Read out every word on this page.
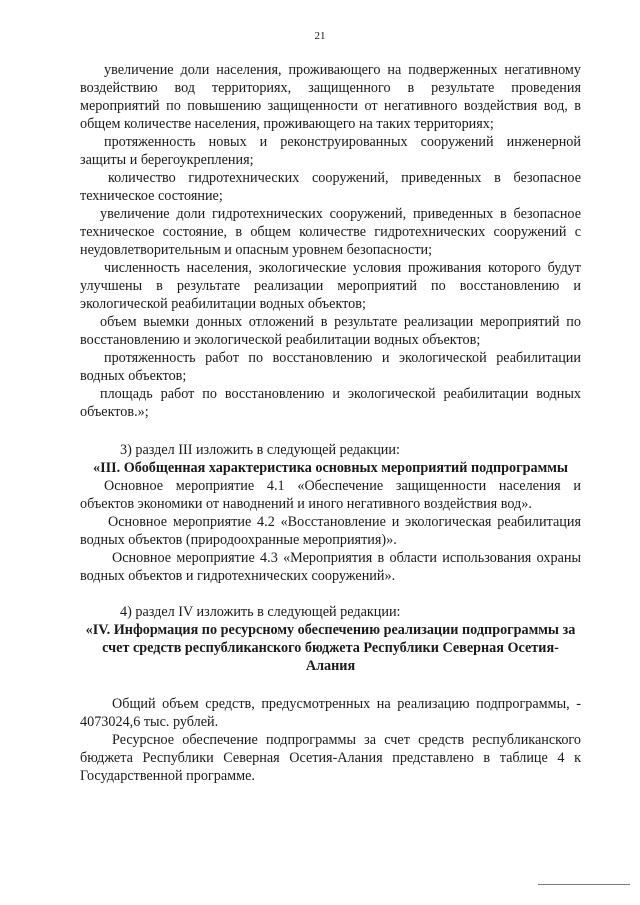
21

увеличение доли населения, проживающего на подверженных негативному воздействию вод территориях, защищенного в результате проведения мероприятий по повышению защищенности от негативного воздействия вод, в общем количестве населения, проживающего на таких территориях;

протяженность новых и реконструированных сооружений инженерной защиты и берегоукрепления;

количество гидротехнических сооружений, приведенных в безопасное техническое состояние;

увеличение доли гидротехнических сооружений, приведенных в безопасное техническое состояние, в общем количестве гидротехнических сооружений с неудовлетворительным и опасным уровнем безопасности;

численность населения, экологические условия проживания которого будут улучшены в результате реализации мероприятий по восстановлению и экологической реабилитации водных объектов;

объем выемки донных отложений в результате реализации мероприятий по восстановлению и экологической реабилитации водных объектов;

протяженность работ по восстановлению и экологической реабилитации водных объектов;

площадь работ по восстановлению и экологической реабилитации водных объектов.»;

3) раздел III изложить в следующей редакции:

«III. Обобщенная характеристика основных мероприятий подпрограммы

Основное мероприятие 4.1 «Обеспечение защищенности населения и объектов экономики от наводнений и иного негативного воздействия вод».

Основное мероприятие 4.2 «Восстановление и экологическая реабилитация водных объектов (природоохранные мероприятия)».

Основное мероприятие 4.3 «Мероприятия в области использования охраны водных объектов и гидротехнических сооружений».

4) раздел IV изложить в следующей редакции:

«IV. Информация по ресурсному обеспечению реализации подпрограммы за счет средств республиканского бюджета Республики Северная Осетия-Алания

Общий объем средств, предусмотренных на реализацию подпрограммы, - 4073024,6 тыс. рублей.

Ресурсное обеспечение подпрограммы за счет средств республиканского бюджета Республики Северная Осетия-Алания представлено в таблице 4 к Государственной программе.
